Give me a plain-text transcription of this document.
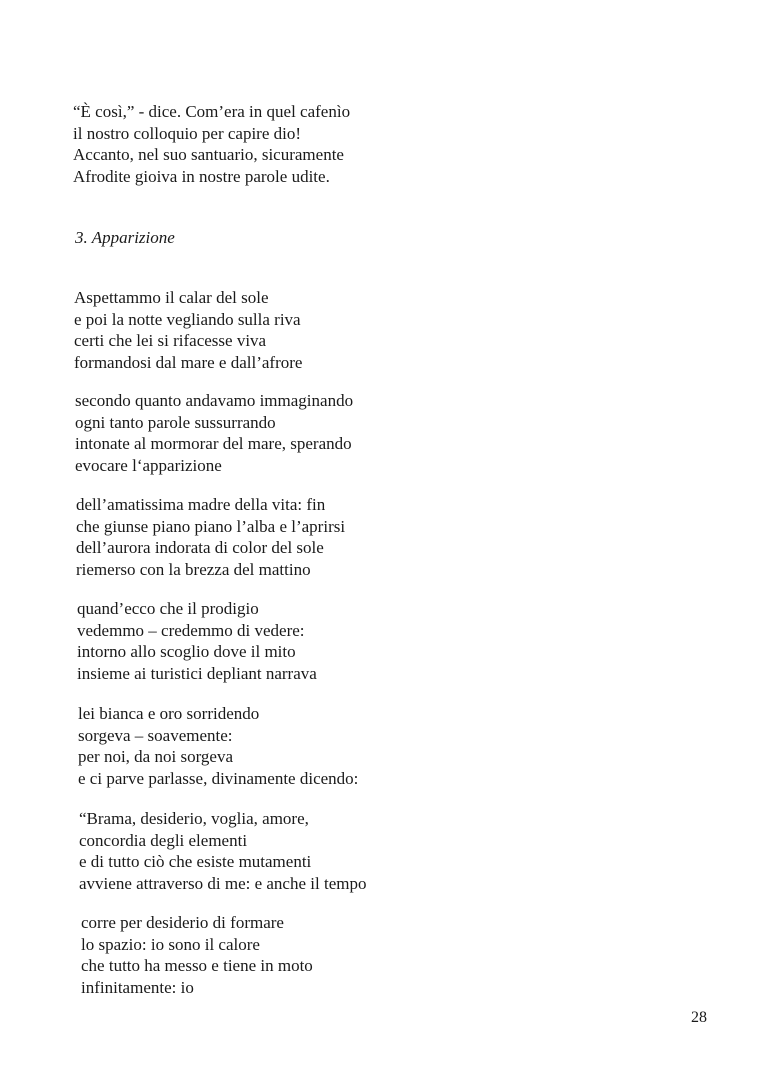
“È così,” - dice. Com’era in quel cafenìo
il nostro colloquio per capire dio!
Accanto, nel suo santuario, sicuramente
Afrodite gioiva in nostre parole udite.
3. Apparizione
Aspettammo il calar del sole
e poi la notte vegliando sulla riva
certi che lei si rifacesse viva
formandosi dal mare e dall’afrore
secondo quanto andavamo immaginando
ogni tanto parole sussurrando
intonate al mormorar del mare, sperando
evocare l‘apparizione
dell’amatissima madre della vita: fin
che giunse piano piano l’alba e l’aprirsi
dell’aurora indorata di color del sole
riemerso con la brezza del mattino
quand’ecco che il prodigio
vedemmo – credemmo di vedere:
intorno allo scoglio dove il mito
insieme ai turistici depliant narrava
lei bianca e oro sorridendo
sorgeva – soavemente:
per noi, da noi sorgeva
e ci parve parlasse, divinamente dicendo:
“Brama, desiderio, voglia, amore,
concordia degli elementi
e di tutto ciò che esiste mutamenti
avviene attraverso di me: e anche il tempo
corre per desiderio di formare
lo spazio: io sono il calore
che tutto ha messo e tiene in moto
infinitamente: io
28
